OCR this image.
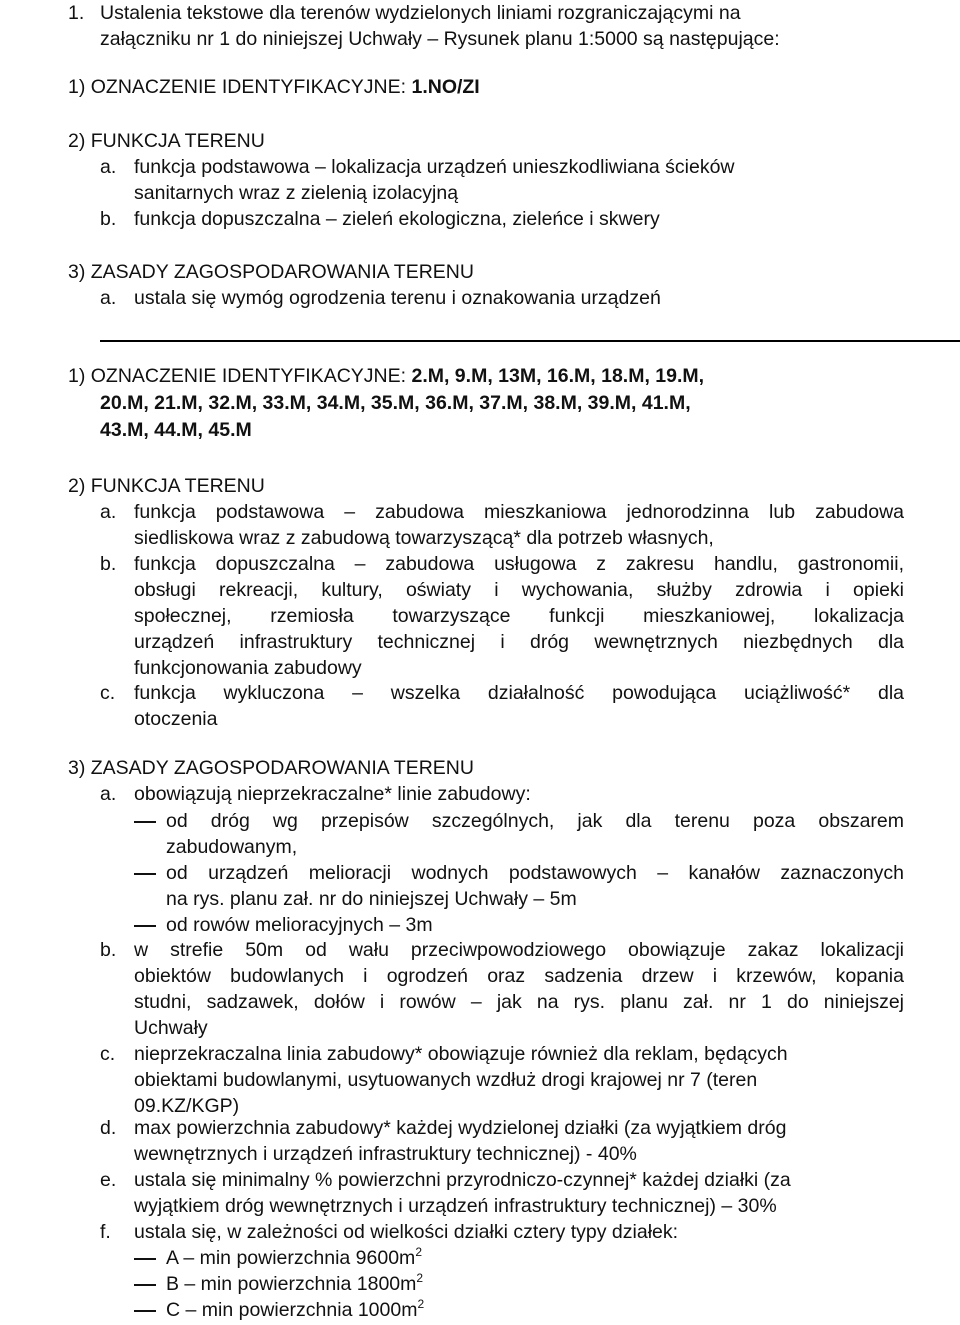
1. Ustalenia tekstowe dla terenów wydzielonych liniami rozgraniczającymi na
załączniku nr 1 do niniejszej Uchwały – Rysunek planu 1:5000 są następujące:
1) OZNACZENIE IDENTYFIKACYJNE: 1.NO/ZI
2) FUNKCJA TERENU
a. funkcja podstawowa – lokalizacja urządzeń unieszkodliwiana ścieków
sanitarnych wraz z zielenią izolacyjną
b. funkcja dopuszczalna – zieleń ekologiczna, zieleńce i skwery
3) ZASADY ZAGOSPODAROWANIA TERENU
a. ustala się wymóg ogrodzenia terenu i oznakowania urządzeń
1) OZNACZENIE IDENTYFIKACYJNE: 2.M, 9.M, 13M, 16.M, 18.M, 19.M,
20.M, 21.M, 32.M, 33.M, 34.M, 35.M, 36.M, 37.M, 38.M, 39.M, 41.M,
43.M, 44.M, 45.M
2) FUNKCJA TERENU
a. funkcja podstawowa – zabudowa mieszkaniowa jednorodzinna lub zabudowa
siedliskowa wraz z zabudową towarzyszącą* dla potrzeb własnych,
b. funkcja dopuszczalna – zabudowa usługowa z zakresu handlu, gastronomii,
obsługi rekreacji, kultury, oświaty i wychowania, służby zdrowia i opieki
społecznej, rzemiosła towarzyszące funkcji mieszkaniowej, lokalizacja
urządzeń infrastruktury technicznej i dróg wewnętrznych niezbędnych dla
funkcjonowania zabudowy
c. funkcja wykluczona – wszelka działalność powodująca uciążliwość* dla
otoczenia
3) ZASADY ZAGOSPODAROWANIA TERENU
a. obowiązują nieprzekraczalne* linie zabudowy:
od dróg wg przepisów szczególnych, jak dla terenu poza obszarem
zabudowanym,
od urządzeń melioracji wodnych podstawowych – kanałów zaznaczonych
na rys. planu zał. nr do niniejszej Uchwały – 5m
od rowów melioracyjnych – 3m
b. w strefie 50m od wału przeciwpowodziowego obowiązuje zakaz lokalizacji
obiektów budowlanych i ogrodzeń oraz sadzenia drzew i krzewów, kopania
studni, sadzawek, dołów i rowów – jak na rys. planu zał. nr 1 do niniejszej
Uchwały
c. nieprzekraczalna linia zabudowy* obowiązuje również dla reklam, będących
obiektami budowlanymi, usytuowanych wzdłuż drogi krajowej nr 7 (teren
09.KZ/KGP)
d. max powierzchnia zabudowy* każdej wydzielonej działki (za wyjątkiem dróg
wewnętrznych i urządzeń infrastruktury technicznej) - 40%
e. ustala się minimalny % powierzchni przyrodniczo-czynnej* każdej działki (za
wyjątkiem dróg wewnętrznych i urządzeń infrastruktury technicznej) – 30%
f. ustala się, w zależności od wielkości działki cztery typy działek:
A – min powierzchnia $9600m^2$
B – min powierzchnia $1800m^2$
C – min powierzchnia $1000m^2$
